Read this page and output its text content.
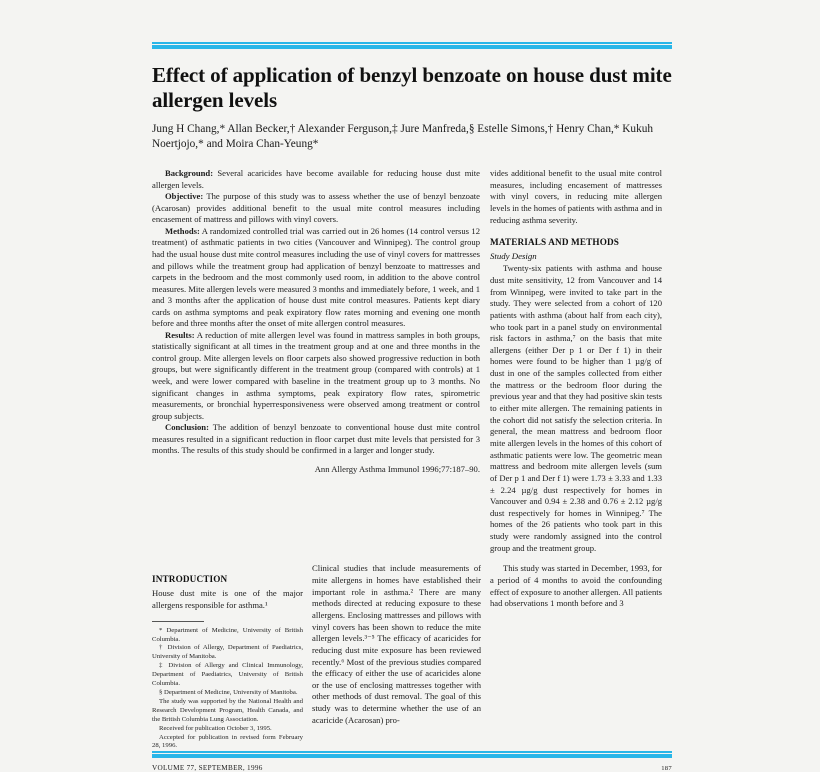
Effect of application of benzyl benzoate on house dust mite allergen levels
Jung H Chang,* Allan Becker,† Alexander Ferguson,‡ Jure Manfreda,§ Estelle Simons,† Henry Chan,* Kukuh Noertjojo,* and Moira Chan-Yeung*

Background: Several acaricides have become available for reducing house dust mite allergen levels.

Objective: The purpose of this study was to assess whether the use of benzyl benzoate (Acarosan) provides additional benefit to the usual mite control measures including encasement of mattress and pillows with vinyl covers.

Methods: A randomized controlled trial was carried out in 26 homes (14 control versus 12 treatment) of asthmatic patients in two cities (Vancouver and Winnipeg). The control group had the usual house dust mite control measures including the use of vinyl covers for mattresses and pillows while the treatment group had application of benzyl benzoate to mattresses and carpets in the bedroom and the most commonly used room, in addition to the above control measures. Mite allergen levels were measured 3 months and immediately before, 1 week, and 1 and 3 months after the application of house dust mite control measures. Patients kept diary cards on asthma symptoms and peak expiratory flow rates morning and evening one month before and three months after the onset of mite allergen control measures.

Results: A reduction of mite allergen level was found in mattress samples in both groups, statistically significant at all times in the treatment group and at one and three months in the control group. Mite allergen levels on floor carpets also showed progressive reduction in both groups, but were significantly different in the treatment group (compared with controls) at 1 week, and were lower compared with baseline in the treatment group up to 3 months. No significant changes in asthma symptoms, peak expiratory flow rates, spirometric measurements, or bronchial hyperresponsiveness were observed among treatment or control group subjects.

Conclusion: The addition of benzyl benzoate to conventional house dust mite control measures resulted in a significant reduction in floor carpet dust mite levels that persisted for 3 months. The results of this study should be confirmed in a larger and longer study.

Ann Allergy Asthma Immunol 1996;77:187–90.

vides additional benefit to the usual mite control measures, including encasement of mattresses with vinyl covers, in reducing mite allergen levels in the homes of patients with asthma and in reducing asthma severity.

MATERIALS AND METHODS
Study Design

Twenty-six patients with asthma and house dust mite sensitivity, 12 from Vancouver and 14 from Winnipeg, were invited to take part in the study. They were selected from a cohort of 120 patients with asthma (about half from each city), who took part in a panel study on environmental risk factors in asthma,⁷ on the basis that mite allergens (either Der p 1 or Der f 1) in their homes were found to be higher than 1 µg/g of dust in one of the samples collected from either the mattress or the bedroom floor during the previous year and that they had positive skin tests to either mite allergen. The remaining patients in the cohort did not satisfy the selection criteria. In general, the mean mattress and bedroom floor mite allergen levels in the homes of this cohort of asthmatic patients were low. The geometric mean mattress and bedroom mite allergen levels (sum of Der p 1 and Der f 1) were 1.73 ± 3.33 and 1.33 ± 2.24 µg/g dust respectively for homes in Vancouver and 0.94 ± 2.38 and 0.76 ± 2.12 µg/g dust respectively for homes in Winnipeg.⁷ The homes of the 26 patients who took part in this study were randomly assigned into the control group and the treatment group.

INTRODUCTION

House dust mite is one of the major allergens responsible for asthma.¹

* Department of Medicine, University of British Columbia.

† Division of Allergy, Department of Paediatrics, University of Manitoba.

‡ Division of Allergy and Clinical Immunology, Department of Paediatrics, University of British Columbia.

§ Department of Medicine, University of Manitoba.

The study was supported by the National Health and Research Development Program, Health Canada, and the British Columbia Lung Association.

Received for publication October 3, 1995.

Accepted for publication in revised form February 28, 1996.

Clinical studies that include measurements of mite allergens in homes have established their important role in asthma.² There are many methods directed at reducing exposure to these allergens. Enclosing mattresses and pillows with vinyl covers has been shown to reduce the mite allergen levels.³⁻⁵ The efficacy of acaricides for reducing dust mite exposure has been reviewed recently.⁶ Most of the previous studies compared the efficacy of either the use of acaricides alone or the use of enclosing mattresses together with other methods of dust removal. The goal of this study was to determine whether the use of an acaricide (Acarosan) pro-

This study was started in December, 1993, for a period of 4 months to avoid the confounding effect of exposure to another allergen. All patients had observations 1 month before and 3

VOLUME 77, SEPTEMBER, 1996	187
